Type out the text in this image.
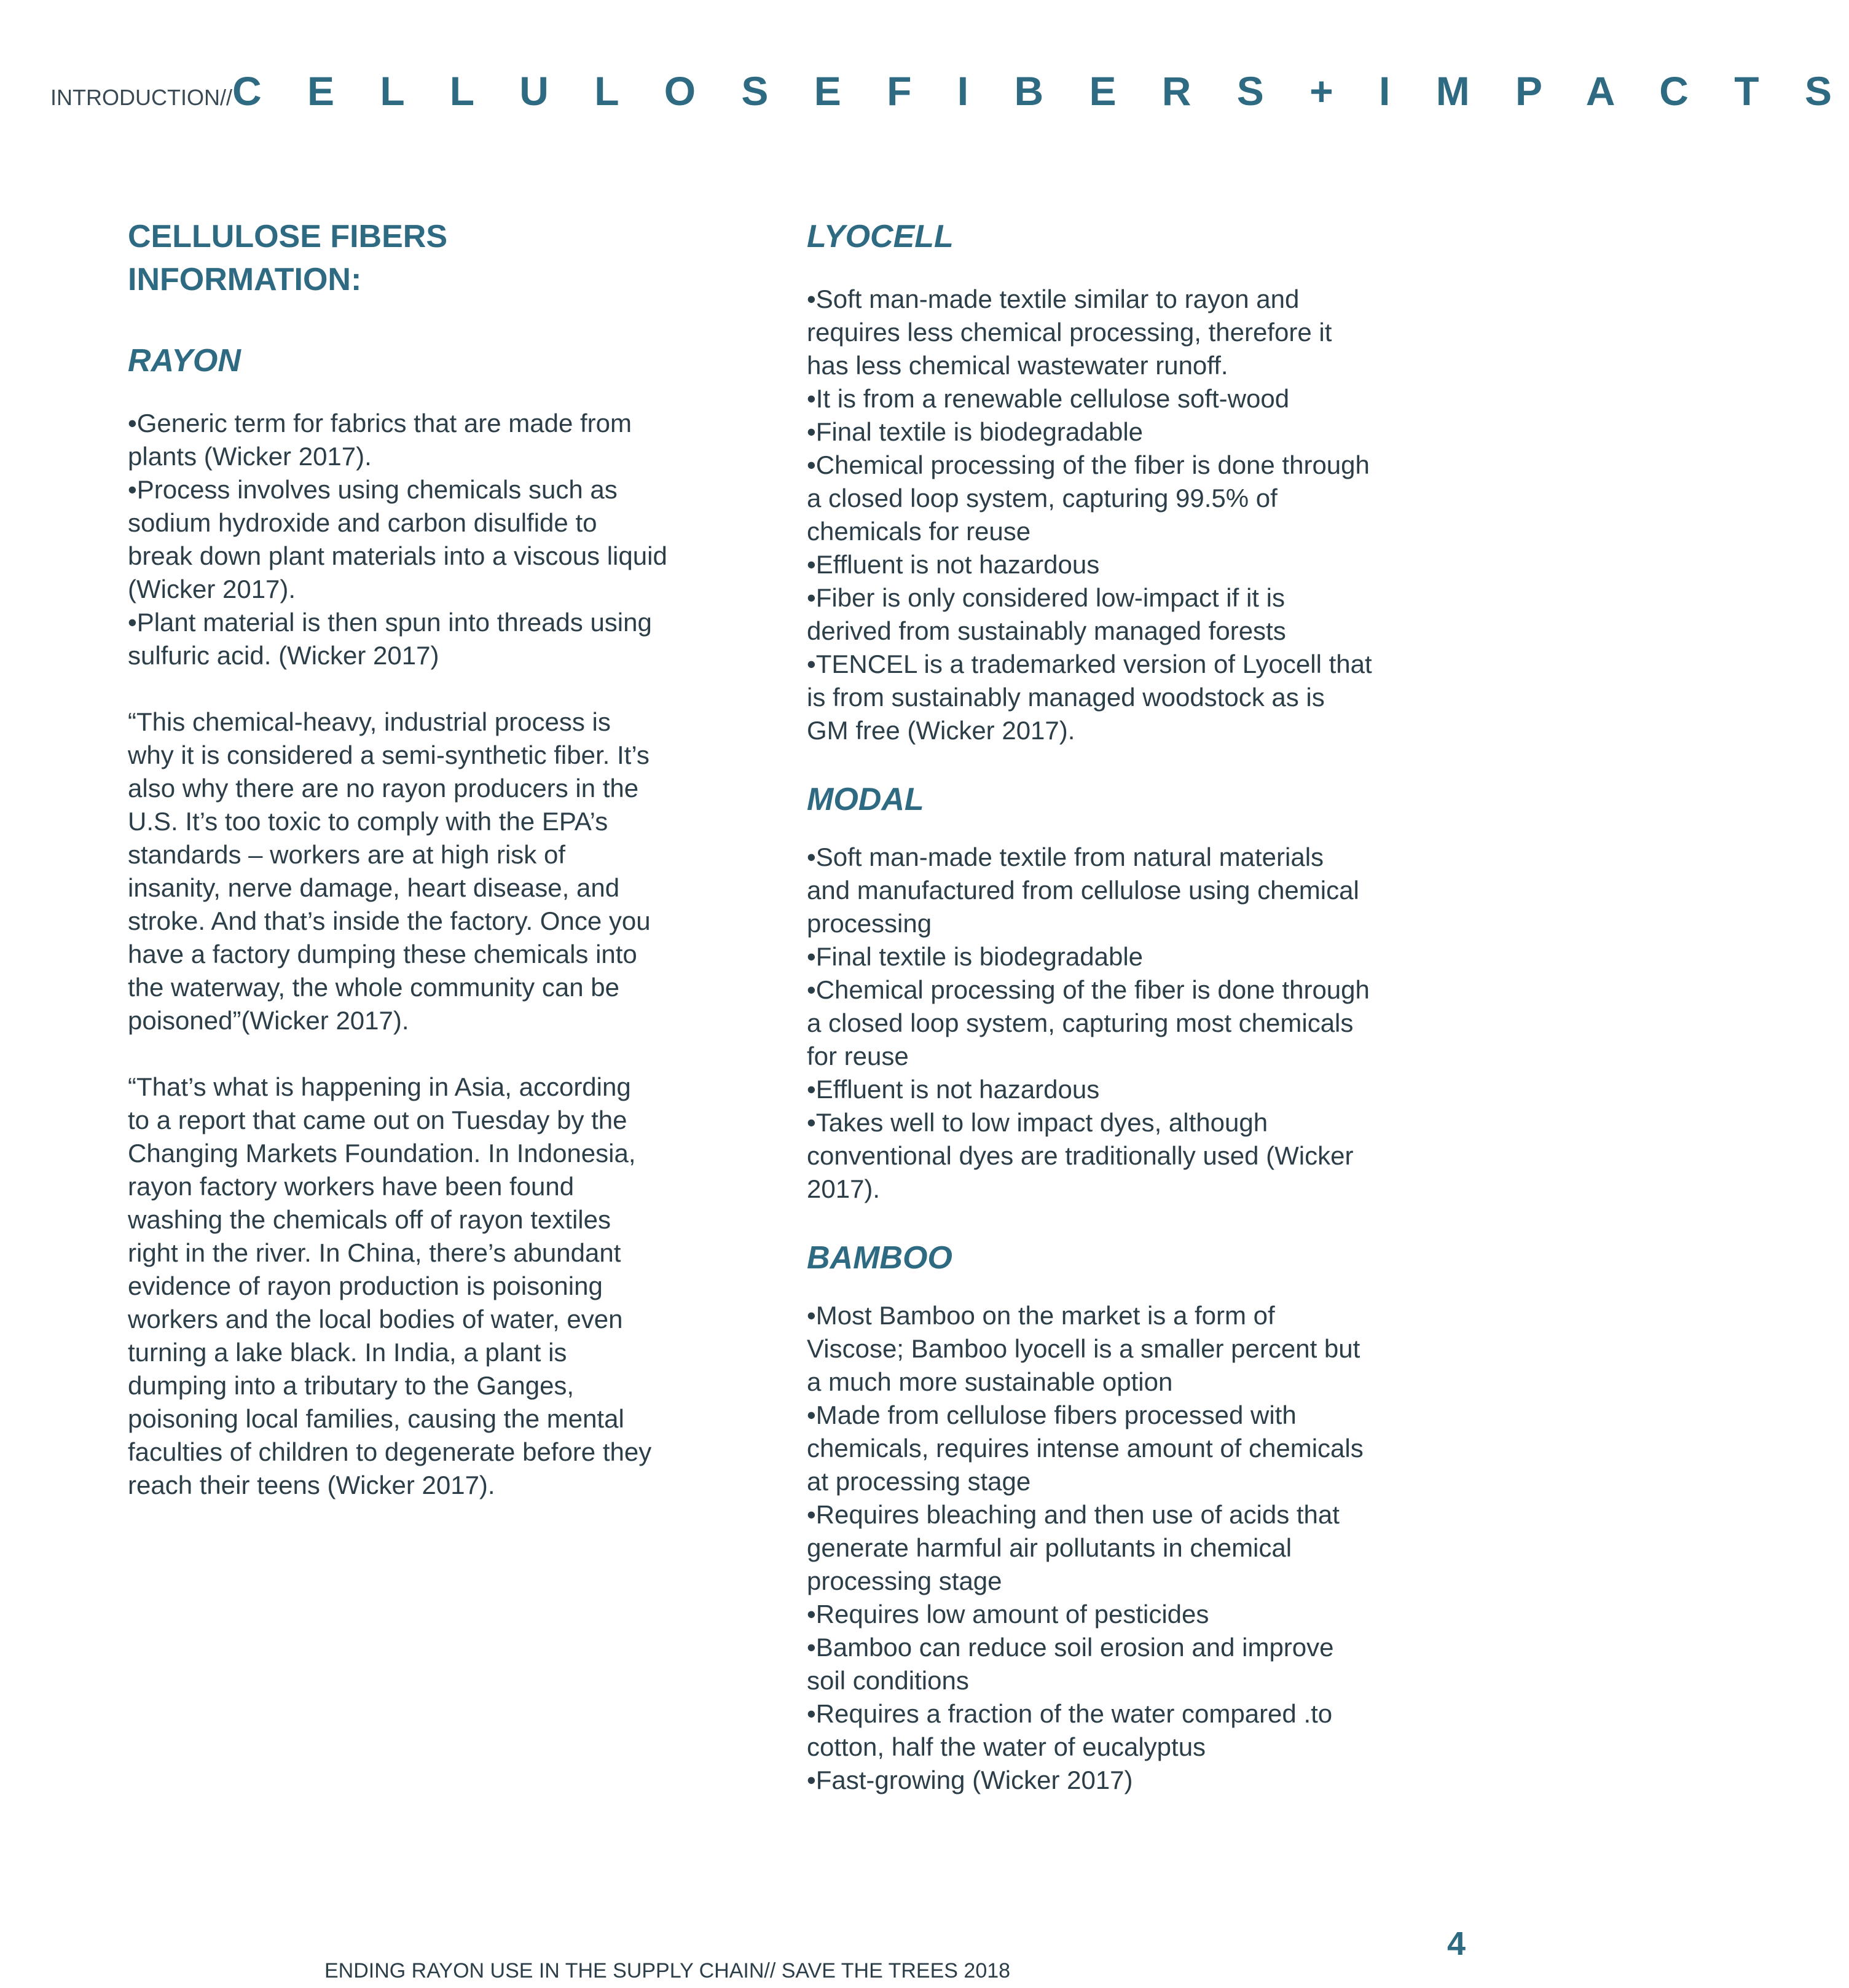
INTRODUCTION//C E L L U L O S E F I B E R S + I M P A C T S
CELLULOSE FIBERS INFORMATION:
RAYON
•Generic term for fabrics that are made from plants (Wicker 2017).
•Process involves using chemicals such as sodium hydroxide and carbon disulfide to break down plant materials into a viscous liquid (Wicker 2017).
•Plant material is then spun into threads using sulfuric acid. (Wicker 2017)

“This chemical-heavy, industrial process is why it is considered a semi-synthetic fiber. It’s also why there are no rayon producers in the U.S. It’s too toxic to comply with the EPA’s standards – workers are at high risk of insanity, nerve damage, heart disease, and stroke. And that’s inside the factory. Once you have a factory dumping these chemicals into the waterway, the whole community can be poisoned”(Wicker 2017).

“That’s what is happening in Asia, according to a report that came out on Tuesday by the Changing Markets Foundation. In Indonesia, rayon factory workers have been found washing the chemicals off of rayon textiles right in the river. In China, there’s abundant evidence of rayon production is poisoning workers and the local bodies of water, even turning a lake black. In India, a plant is dumping into a tributary to the Ganges, poisoning local families, causing the mental faculties of children to degenerate before they reach their teens (Wicker 2017).

LYOCELL
•Soft man-made textile similar to rayon and requires less chemical processing, therefore it has less chemical wastewater runoff.
•It is from a renewable cellulose soft-wood
•Final textile is biodegradable
•Chemical processing of the fiber is done through a closed loop system, capturing 99.5% of chemicals for reuse
•Effluent is not hazardous
•Fiber is only considered low-impact if it is derived from sustainably managed forests
•TENCEL is a trademarked version of Lyocell that is from sustainably managed woodstock as is GM free (Wicker 2017).
MODAL
•Soft man-made textile from natural materials and manufactured from cellulose using chemical processing
•Final textile is biodegradable
•Chemical processing of the fiber is done through a closed loop system, capturing most chemicals for reuse
•Effluent is not hazardous
•Takes well to low impact dyes, although conventional dyes are traditionally used (Wicker 2017).
BAMBOO
•Most Bamboo on the market is a form of Viscose; Bamboo lyocell is a smaller percent but a much more sustainable option
•Made from cellulose fibers processed with chemicals, requires intense amount of chemicals at processing stage
•Requires bleaching and then use of acids that generate harmful air pollutants in chemical processing stage
•Requires low amount of pesticides
•Bamboo can reduce soil erosion and improve soil conditions
•Requires a fraction of the water compared .to cotton, half the water of eucalyptus
•Fast-growing (Wicker 2017)
ENDING RAYON USE IN THE SUPPLY CHAIN// SAVE THE TREES 2018
4
